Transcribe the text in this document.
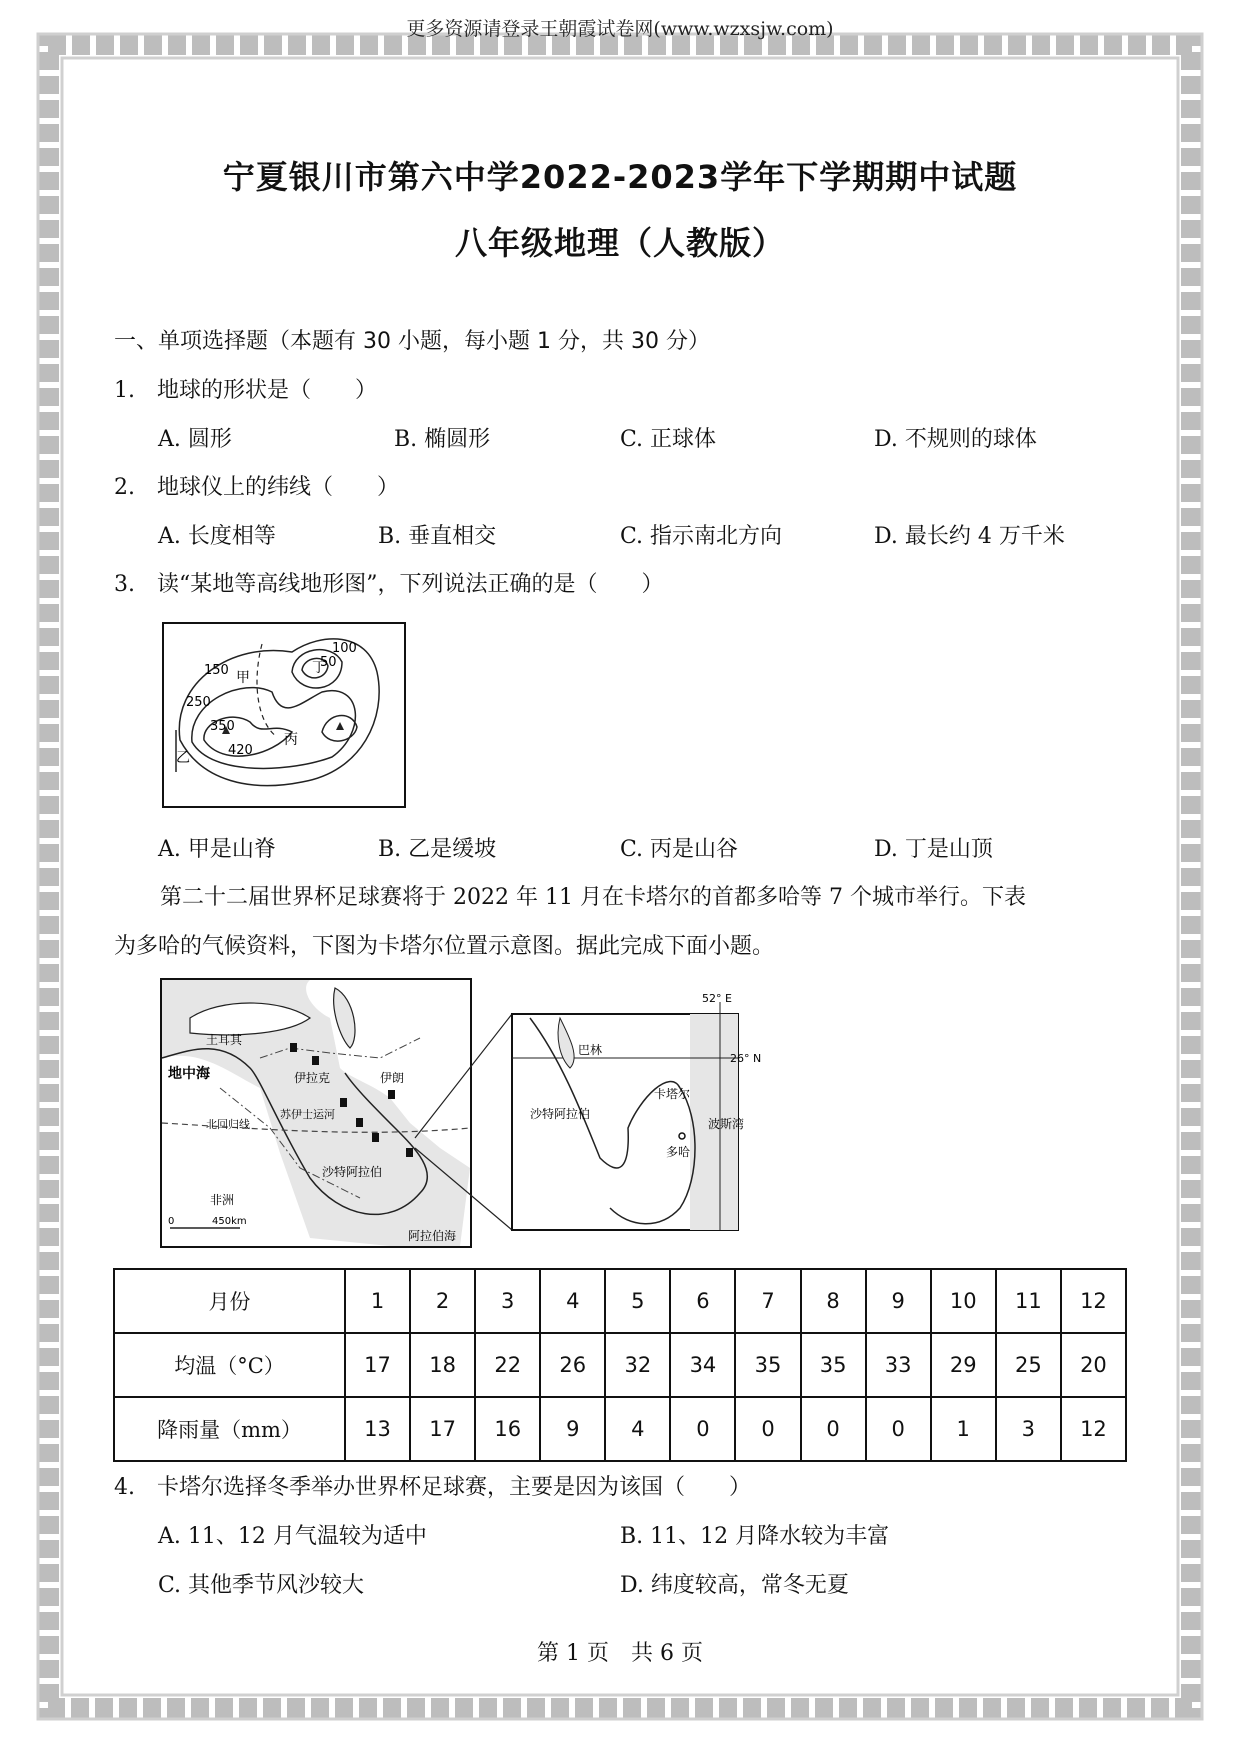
更多资源请登录王朝霞试卷网(www.wzxsjw.com)
宁夏银川市第六中学2022-2023学年下学期期中试题
八年级地理（人教版）
一、单项选择题（本题有 30 小题，每小题 1 分，共 30 分）
1.　地球的形状是（　　）
A. 圆形	B. 椭圆形	C. 正球体	D. 不规则的球体
2.　地球仪上的纬线（　　）
A. 长度相等	B. 垂直相交	C. 指示南北方向	D. 最长约 4 万千米
3.　读“某地等高线地形图”，下列说法正确的是（　　）
150
250
350
100
50
甲
乙
丙
丁
420
A. 甲是山脊	B. 乙是缓坡	C. 丙是山谷	D. 丁是山顶
第二十二届世界杯足球赛将于 2022 年 11 月在卡塔尔的首都多哈等 7 个城市举行。下表
为多哈的气候资料，下图为卡塔尔位置示意图。据此完成下面小题。
土耳其
地中海	伊拉克	伊朗
苏伊士运河
北回归线
沙特阿拉伯
非洲
阿拉伯海
0	450km
52° E
26° N
巴林
卡塔尔
沙特阿拉伯
多哈
波斯湾
月份	1	2	3	4	5	6	7	8	9	10	11	12
均温（°C）	17	18	22	26	32	34	35	35	33	29	25	20
降雨量（mm）	13	17	16	9	4	0	0	0	0	1	3	12
4.　卡塔尔选择冬季举办世界杯足球赛，主要是因为该国（　　）
A. 11、12 月气温较为适中	B. 11、12 月降水较为丰富
C. 其他季节风沙较大	D. 纬度较高，常冬无夏
第 1 页　共 6 页
